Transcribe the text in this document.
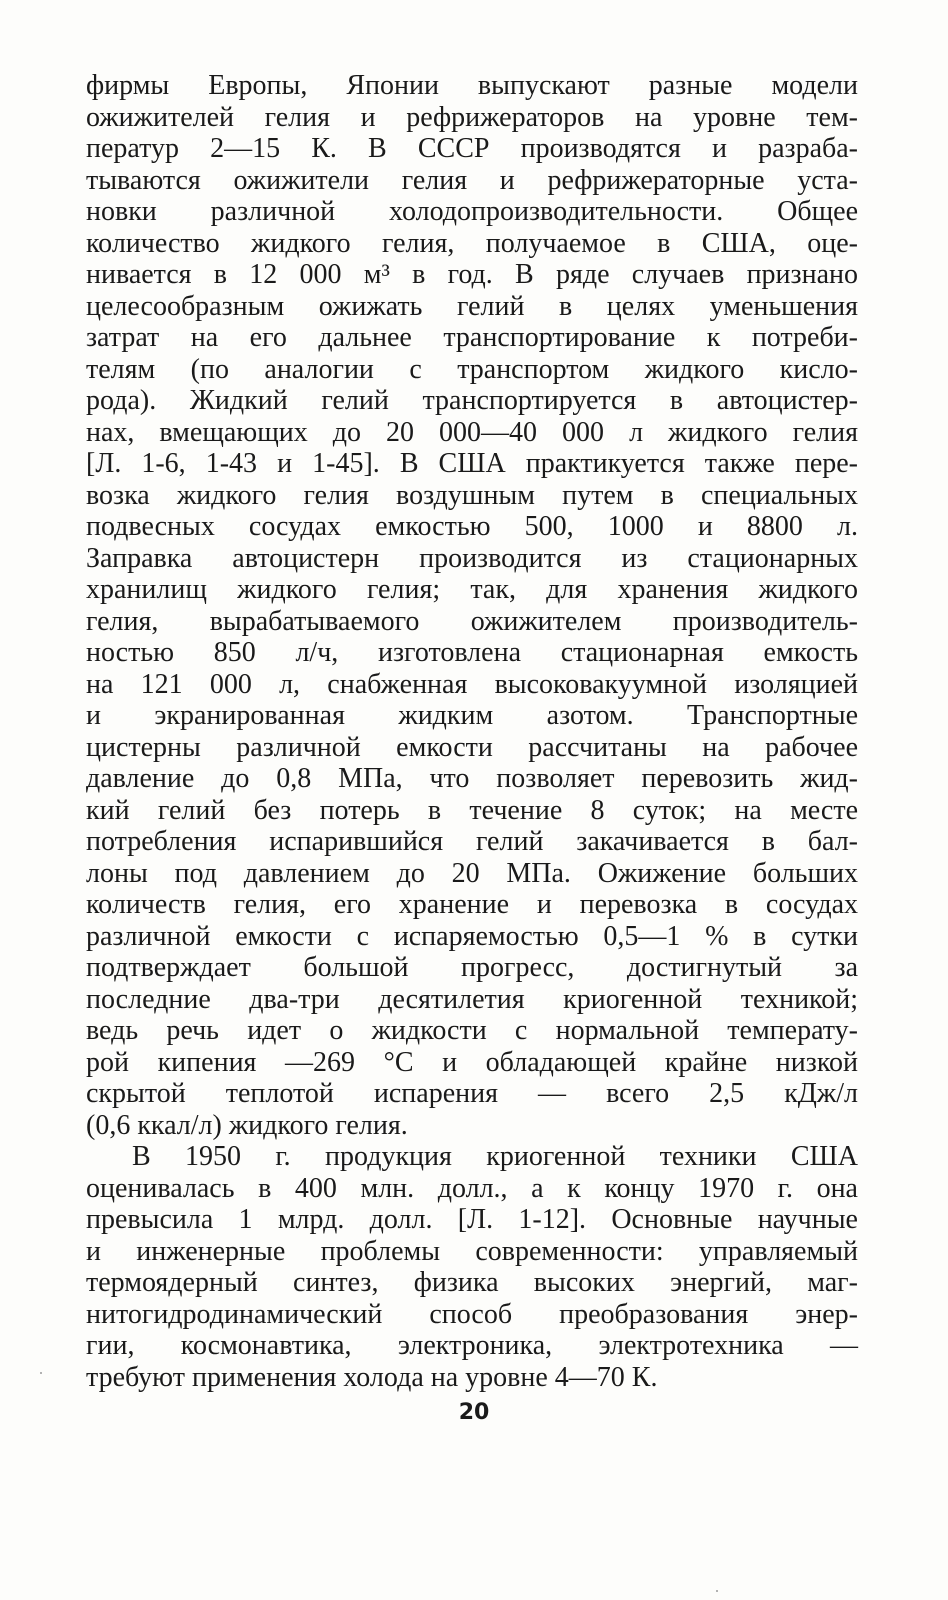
фирмы Европы, Японии выпускают разные модели
ожижителей гелия и рефрижераторов на уровне тем-
ператур 2—15 К. В СССР производятся и разраба-
тываются ожижители гелия и рефрижераторные уста-
новки различной холодопроизводительности. Общее
количество жидкого гелия, получаемое в США, оце-
нивается в 12 000 м³ в год. В ряде случаев признано
целесообразным ожижать гелий в целях уменьшения
затрат на его дальнее транспортирование к потреби-
телям (по аналогии с транспортом жидкого кисло-
рода). Жидкий гелий транспортируется в автоцистер-
нах, вмещающих до 20 000—40 000 л жидкого гелия
[Л. 1-6, 1-43 и 1-45]. В США практикуется также пере-
возка жидкого гелия воздушным путем в специальных
подвесных сосудах емкостью 500, 1000 и 8800 л.
Заправка автоцистерн производится из стационарных
хранилищ жидкого гелия; так, для хранения жидкого
гелия, вырабатываемого ожижителем производитель-
ностью 850 л/ч, изготовлена стационарная емкость
на 121 000 л, снабженная высоковакуумной изоляцией
и экранированная жидким азотом. Транспортные
цистерны различной емкости рассчитаны на рабочее
давление до 0,8 МПа, что позволяет перевозить жид-
кий гелий без потерь в течение 8 суток; на месте
потребления испарившийся гелий закачивается в бал-
лоны под давлением до 20 МПа. Ожижение больших
количеств гелия, его хранение и перевозка в сосудах
различной емкости с испаряемостью 0,5—1 % в сутки
подтверждает большой прогресс, достигнутый за
последние два-три десятилетия криогенной техникой;
ведь речь идет о жидкости с нормальной температу-
рой кипения —269 °С и обладающей крайне низкой
скрытой теплотой испарения — всего 2,5 кДж/л
(0,6 ккал/л) жидкого гелия.
В 1950 г. продукция криогенной техники США
оценивалась в 400 млн. долл., а к концу 1970 г. она
превысила 1 млрд. долл. [Л. 1-12]. Основные научные
и инженерные проблемы современности: управляемый
термоядерный синтез, физика высоких энергий, маг-
нитогидродинамический способ преобразования энер-
гии, космонавтика, электроника, электротехника —
требуют применения холода на уровне 4—70 К.
20
